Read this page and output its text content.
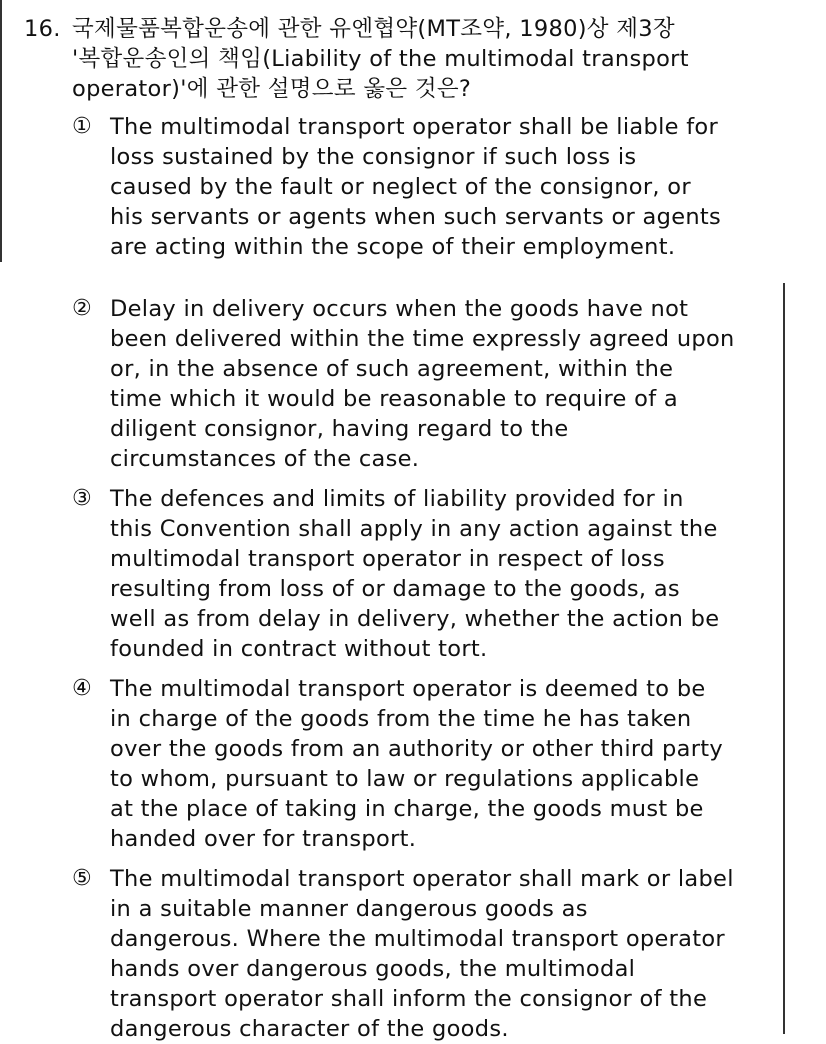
16. 국제물품복합운송에 관한 유엔협약(MT조약, 1980)상 제3장
'복합운송인의 책임(Liability of the multimodal transport
operator)'에 관한 설명으로 옳은 것은?
① The multimodal transport operator shall be liable for
loss sustained by the consignor if such loss is
caused by the fault or neglect of the consignor, or
his servants or agents when such servants or agents
are acting within the scope of their employment.
② Delay in delivery occurs when the goods have not
been delivered within the time expressly agreed upon
or, in the absence of such agreement, within the
time which it would be reasonable to require of a
diligent consignor, having regard to the
circumstances of the case.
③ The defences and limits of liability provided for in
this Convention shall apply in any action against the
multimodal transport operator in respect of loss
resulting from loss of or damage to the goods, as
well as from delay in delivery, whether the action be
founded in contract without tort.
④ The multimodal transport operator is deemed to be
in charge of the goods from the time he has taken
over the goods from an authority or other third party
to whom, pursuant to law or regulations applicable
at the place of taking in charge, the goods must be
handed over for transport.
⑤ The multimodal transport operator shall mark or label
in a suitable manner dangerous goods as
dangerous. Where the multimodal transport operator
hands over dangerous goods, the multimodal
transport operator shall inform the consignor of the
dangerous character of the goods.
